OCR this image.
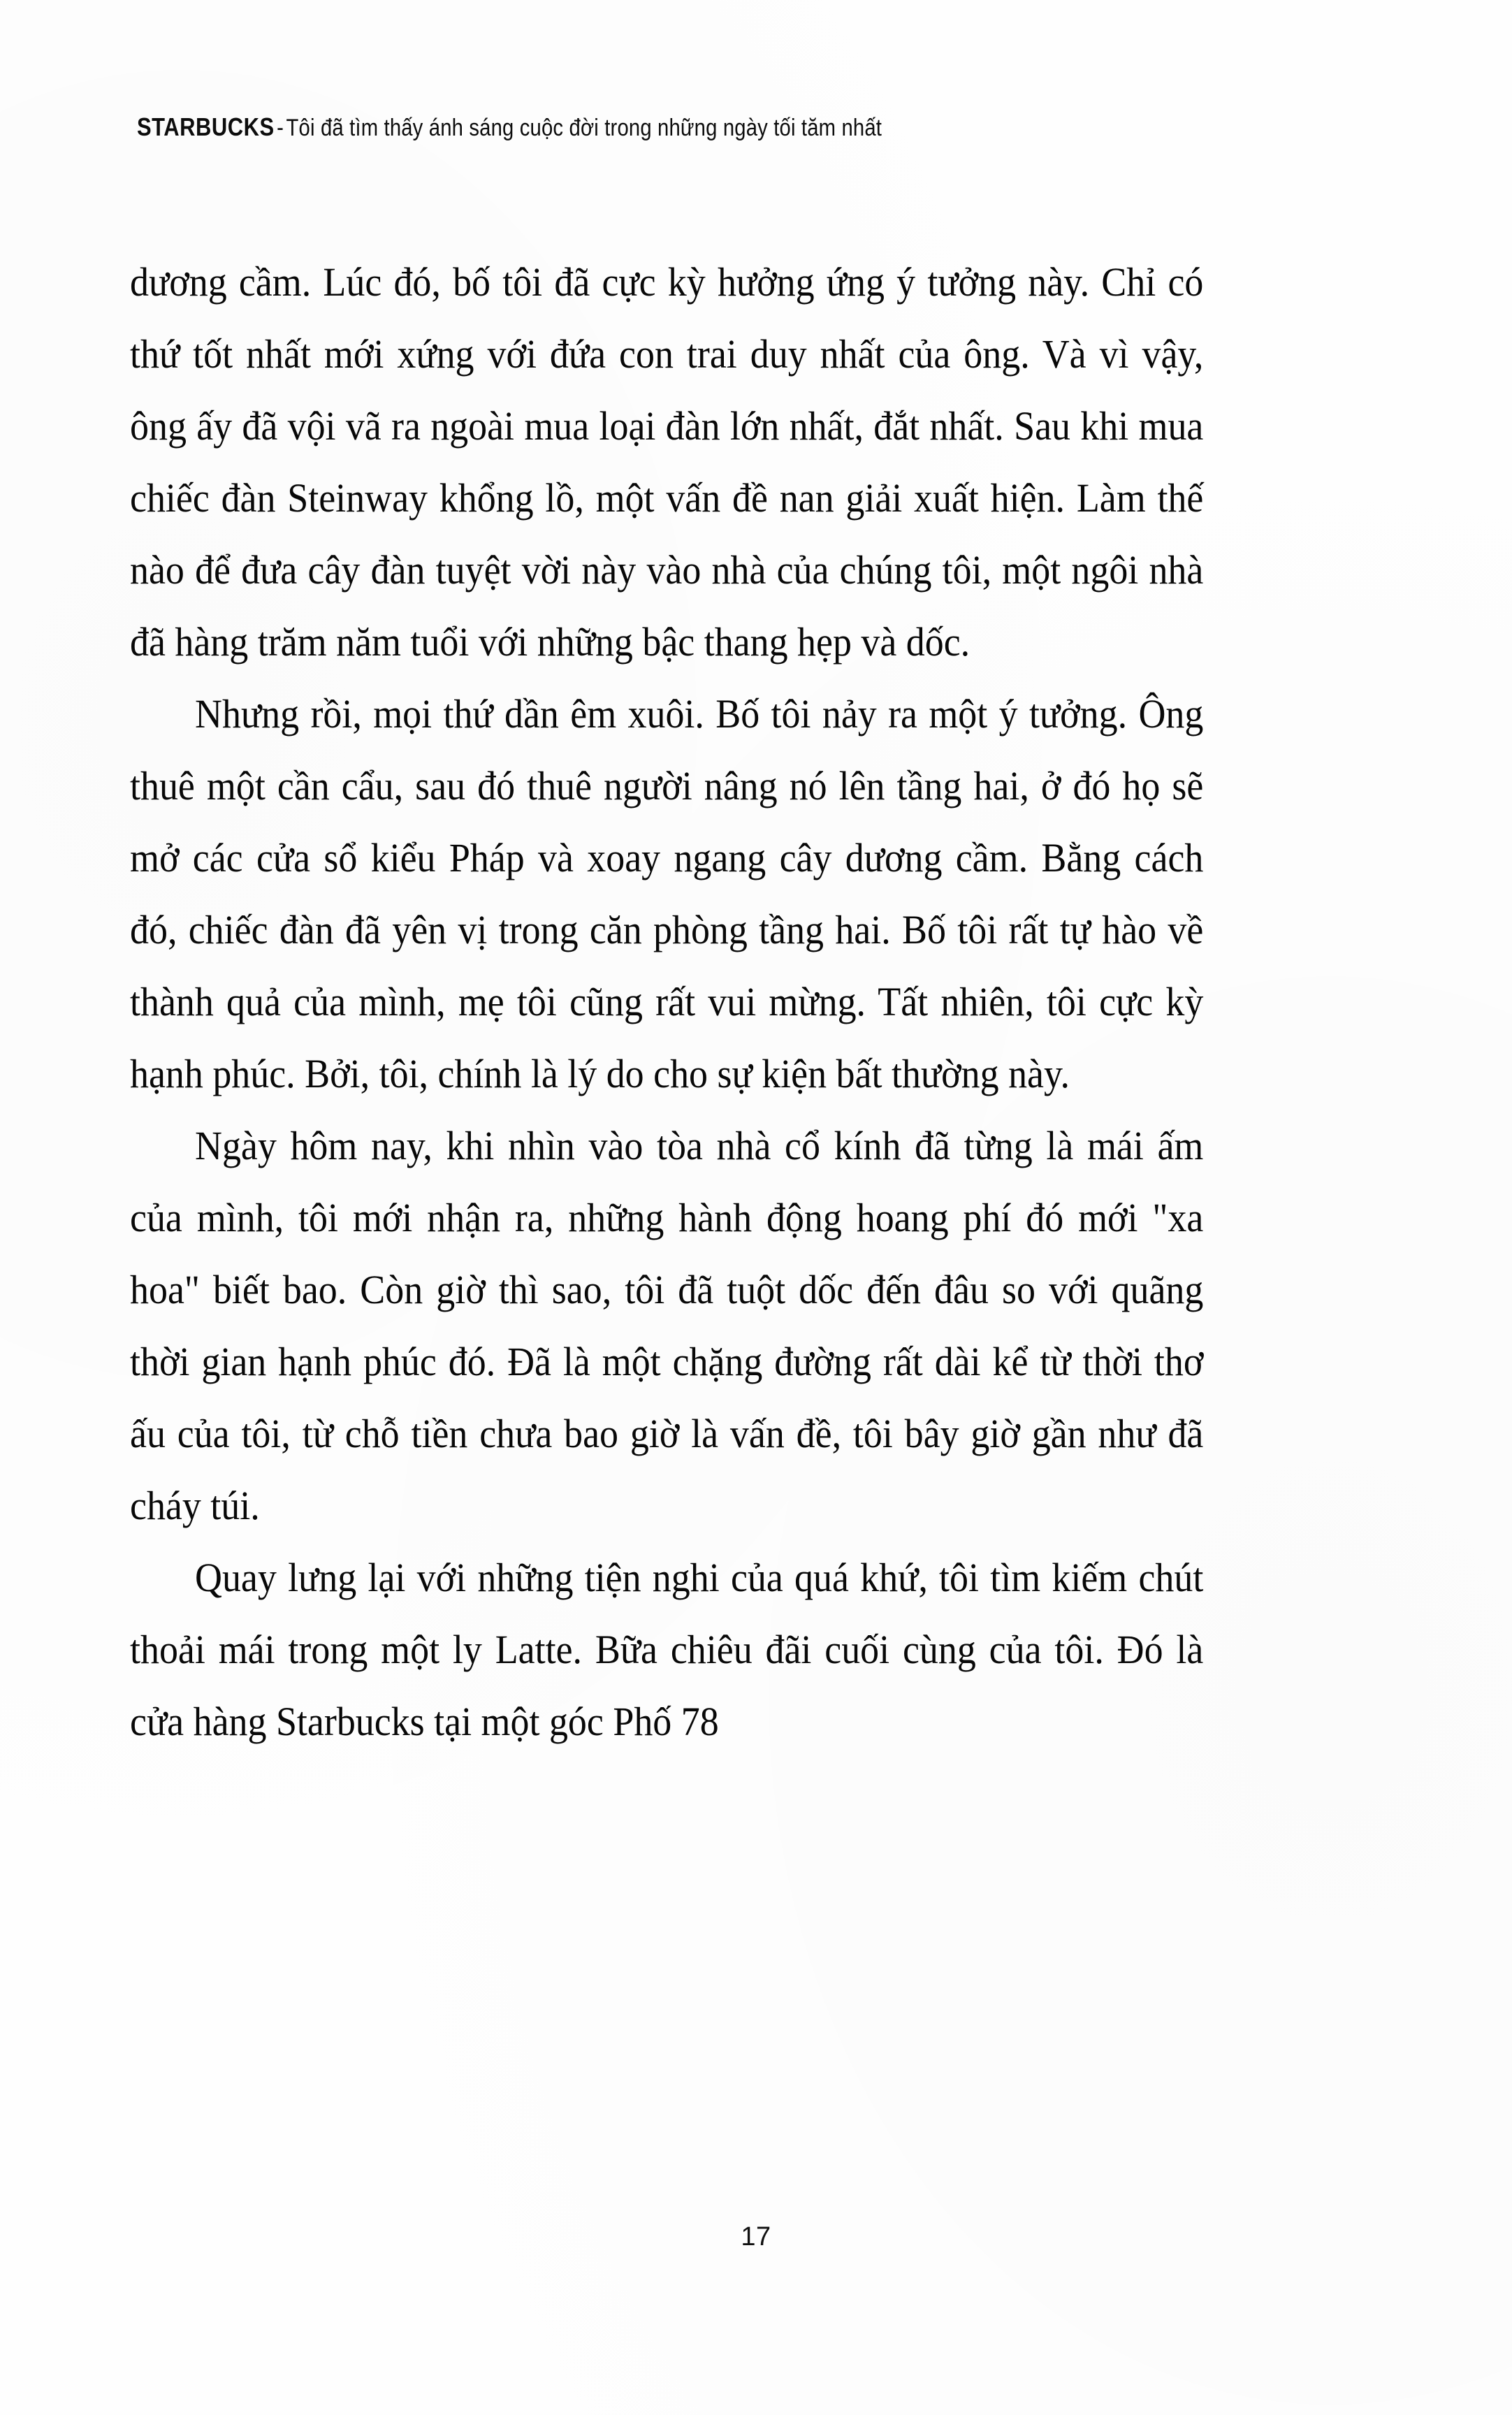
STARBUCKS - Tôi đã tìm thấy ánh sáng cuộc đời trong những ngày tối tăm nhất

dương cầm. Lúc đó, bố tôi đã cực kỳ hưởng ứng ý tưởng này. Chỉ có thứ tốt nhất mới xứng với đứa con trai duy nhất của ông. Và vì vậy, ông ấy đã vội vã ra ngoài mua loại đàn lớn nhất, đắt nhất. Sau khi mua chiếc đàn Steinway khổng lồ, một vấn đề nan giải xuất hiện. Làm thế nào để đưa cây đàn tuyệt vời này vào nhà của chúng tôi, một ngôi nhà đã hàng trăm năm tuổi với những bậc thang hẹp và dốc.

Nhưng rồi, mọi thứ dần êm xuôi. Bố tôi nảy ra một ý tưởng. Ông thuê một cần cẩu, sau đó thuê người nâng nó lên tầng hai, ở đó họ sẽ mở các cửa sổ kiểu Pháp và xoay ngang cây dương cầm. Bằng cách đó, chiếc đàn đã yên vị trong căn phòng tầng hai. Bố tôi rất tự hào về thành quả của mình, mẹ tôi cũng rất vui mừng. Tất nhiên, tôi cực kỳ hạnh phúc. Bởi, tôi, chính là lý do cho sự kiện bất thường này.

Ngày hôm nay, khi nhìn vào tòa nhà cổ kính đã từng là mái ấm của mình, tôi mới nhận ra, những hành động hoang phí đó mới "xa hoa" biết bao. Còn giờ thì sao, tôi đã tuột dốc đến đâu so với quãng thời gian hạnh phúc đó. Đã là một chặng đường rất dài kể từ thời thơ ấu của tôi, từ chỗ tiền chưa bao giờ là vấn đề, tôi bây giờ gần như đã cháy túi.

Quay lưng lại với những tiện nghi của quá khứ, tôi tìm kiếm chút thoải mái trong một ly Latte. Bữa chiêu đãi cuối cùng của tôi. Đó là cửa hàng Starbucks tại một góc Phố 78

17
